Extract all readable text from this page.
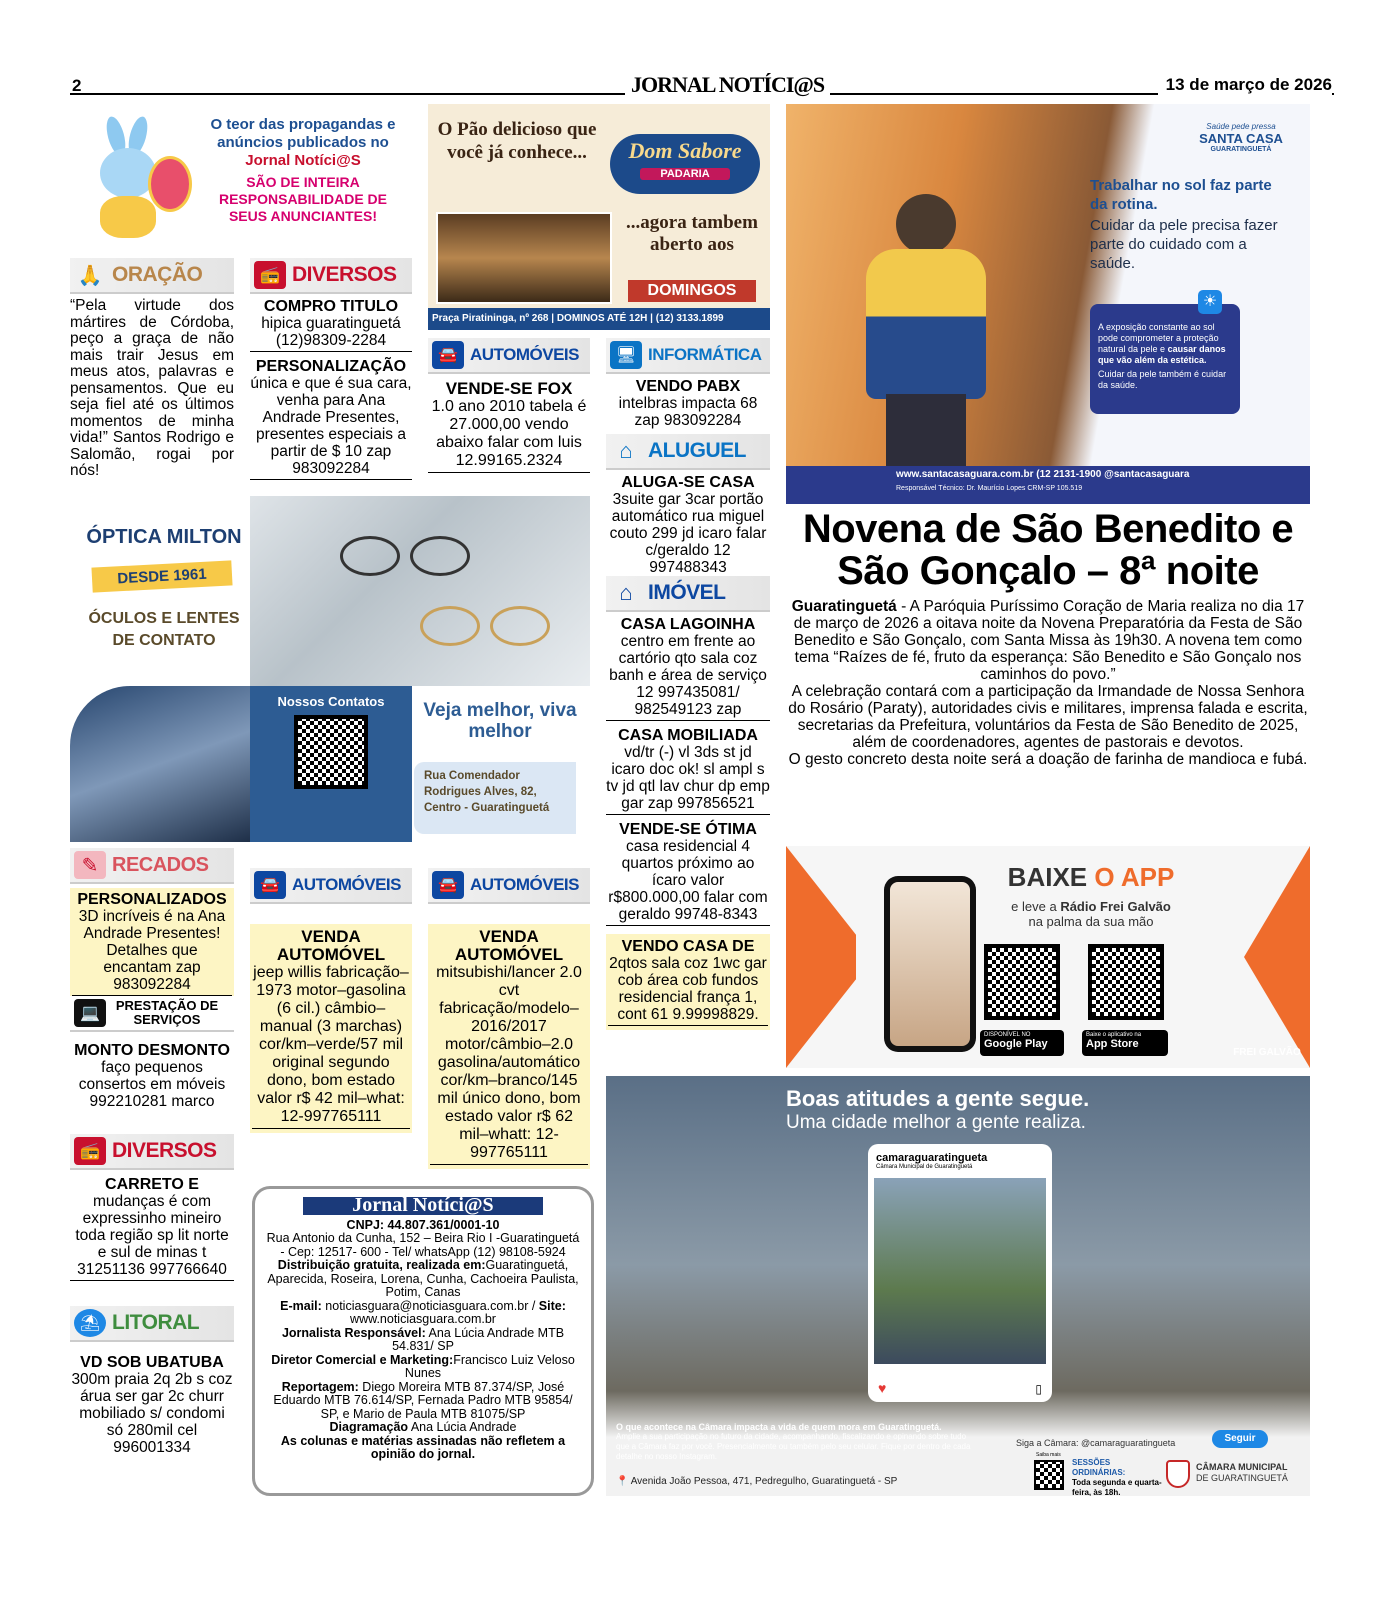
2	JORNAL NOTÍCI@S	13 de março de 2026
O teor das propagandas e anúncios publicados no
Jornal Notíci@S
SÃO DE INTEIRA RESPONSABILIDADE DE SEUS ANUNCIANTES!
O Pão delicioso que você já conhece...	Dom Sabore
PADARIA
...agora tambem aberto aos
DOMINGOS
Praça Piratininga, nº 268 | DOMINOS ATÉ 12H | (12) 3133.1899
Saúde pede pressa
SANTA CASA
GUARATINGUETÁ
Trabalhar no sol faz parte da rotina.
Cuidar da pele precisa fazer parte do cuidado com a saúde.
A exposição constante ao sol pode comprometer a proteção natural da pele e causar danos que vão além da estética.
Cuidar da pele também é cuidar da saúde.
☀
www.santacasaguara.com.br (12 2131-1900 @santacasaguara
Responsável Técnico: Dr. Maurício Lopes CRM-SP 105.519
🙏 ORAÇÃO
“Pela virtude dos mártires de Córdoba, peço a graça de não mais trair Jesus em meus atos, palavras e pensamentos. Que eu seja fiel até os últimos momentos de minha vida!” Santos Rodrigo e Salomão, rogai por nós!
📻 DIVERSOS
COMPRO TITULO
hipica guaratinguetá (12)98309-2284
PERSONALIZAÇÃO
única e que é sua cara, venha para Ana Andrade Presentes, presentes especiais a partir de $ 10 zap 983092284
🚘 AUTOMÓVEIS
VENDE-SE FOX
1.0 ano 2010 tabela é 27.000,00 vendo abaixo falar com luis 12.99165.2324
🖥 INFORMÁTICA
VENDO PABX
intelbras impacta 68 zap 983092284
⌂ ALUGUEL
ALUGA-SE CASA
3suite gar 3car portão automático rua miguel couto 299 jd icaro falar c/geraldo 12 997488343
⌂ IMÓVEL
CASA LAGOINHA
centro em frente ao cartório qto sala coz banh e área de serviço 12 997435081/ 982549123 zap
CASA MOBILIADA
vd/tr (-) vl 3ds st jd icaro doc ok! sl ampl s tv jd qtl lav chur dp emp gar zap 997856521
VENDE-SE ÓTIMA
casa residencial 4 quartos próximo ao ícaro valor r$800.000,00 falar com geraldo 99748-8343
VENDO CASA DE
2qtos sala coz 1wc gar cob área cob fundos residencial frança 1, cont 61 9.99998829.
ÓPTICA MILTON
DESDE 1961
ÓCULOS E LENTES DE CONTATO
Nossos Contatos	Veja melhor, viva melhor
Rua Comendador Rodrigues Alves, 82, Centro - Guaratinguetá
Novena de São Benedito e São Gonçalo – 8ª noite

Guaratinguetá - A Paróquia Puríssimo Coração de Maria realiza no dia 17 de março de 2026 a oitava noite da Novena Preparatória da Festa de São Benedito e São Gonçalo, com Santa Missa às 19h30. A novena tem como tema “Raízes de fé, fruto da esperança: São Benedito e São Gonçalo nos caminhos do povo.”

A celebração contará com a participação da Irmandade de Nossa Senhora do Rosário (Paraty), autoridades civis e militares, imprensa falada e escrita, secretarias da Prefeitura, voluntários da Festa de São Benedito de 2025, além de coordenadores, agentes de pastorais e devotos.

O gesto concreto desta noite será a doação de farinha de mandioca e fubá.

✎ RECADOS
PERSONALIZADOS
3D incríveis é na Ana Andrade Presentes! Detalhes que encantam zap 983092284
🚘 AUTOMÓVEIS
VENDA AUTOMÓVEL
jeep willis fabricação–1973 motor–gasolina (6 cil.) câmbio–manual (3 marchas) cor/km–verde/57 mil original segundo dono, bom estado valor r$ 42 mil–what: 12-997765111
🚘 AUTOMÓVEIS
VENDA AUTOMÓVEL
mitsubishi/lancer 2.0 cvt fabricação/modelo–2016/2017 motor/câmbio–2.0 gasolina/automático cor/km–branco/145 mil único dono, bom estado valor r$ 62 mil–whatt: 12-997765111
BAIXE O APP
e leve a Rádio Frei Galvão
na palma da sua mão
DISPONÍVEL NO
Google Play
Baixe o aplicativo na
App Store
FREI GALVÃO
💻	PRESTAÇÃO DE SERVIÇOS
MONTO DESMONTO
faço pequenos consertos em móveis 992210281 marco
📻 DIVERSOS
CARRETO E
mudanças é com expressinho mineiro toda região sp lit norte e sul de minas t 31251136 997766640
⛱ LITORAL
VD SOB UBATUBA
300m praia 2q 2b s coz árua ser gar 2c churr mobiliado s/ condomi só 280mil cel 996001334
Jornal Notíci@S
CNPJ: 44.807.361/0001-10
Rua Antonio da Cunha, 152 – Beira Rio I -Guaratinguetá - Cep: 12517- 600 - Tel/ whatsApp (12) 98108-5924
Distribuição gratuita, realizada em:Guaratinguetá, Aparecida, Roseira, Lorena, Cunha, Cachoeira Paulista, Potim, Canas
E-mail: noticiasguara@noticiasguara.com.br / Site: www.noticiasguara.com.br
Jornalista Responsável: Ana Lúcia Andrade MTB 54.831/ SP
Diretor Comercial e Marketing:Francisco Luiz Veloso Nunes
Reportagem: Diego Moreira MTB 87.374/SP, José Eduardo MTB 76.614/SP, Fernada Padro MTB 95854/ SP, e Mario de Paula MTB 81075/SP
Diagramação Ana Lúcia Andrade
As colunas e matérias assinadas não refletem a opinião do jornal.
Boas atitudes a gente segue.
Uma cidade melhor a gente realiza.
camaraguaratingueta
Câmara Municipal de Guaratinguetá
♥	▯
O que acontece na Câmara impacta a vida de quem mora em Guaratinguetá.
Amplie a sua participação no futuro da cidade, acompanhando, fiscalizando e opinando sobre tudo que a Câmara faz por você. Presencialmente ou também pelo seu celular. Fique por dentro de cada detalhe no nosso Instagram.
Siga a Câmara: @camaraguaratingueta	Seguir
📍 Avenida João Pessoa, 471, Pedregulho, Guaratinguetá - SP
Saiba mais
SESSÕES ORDINÁRIAS:
Toda segunda e quarta-feira, às 18h.
CÂMARA MUNICIPAL
DE GUARATINGUETÁ
